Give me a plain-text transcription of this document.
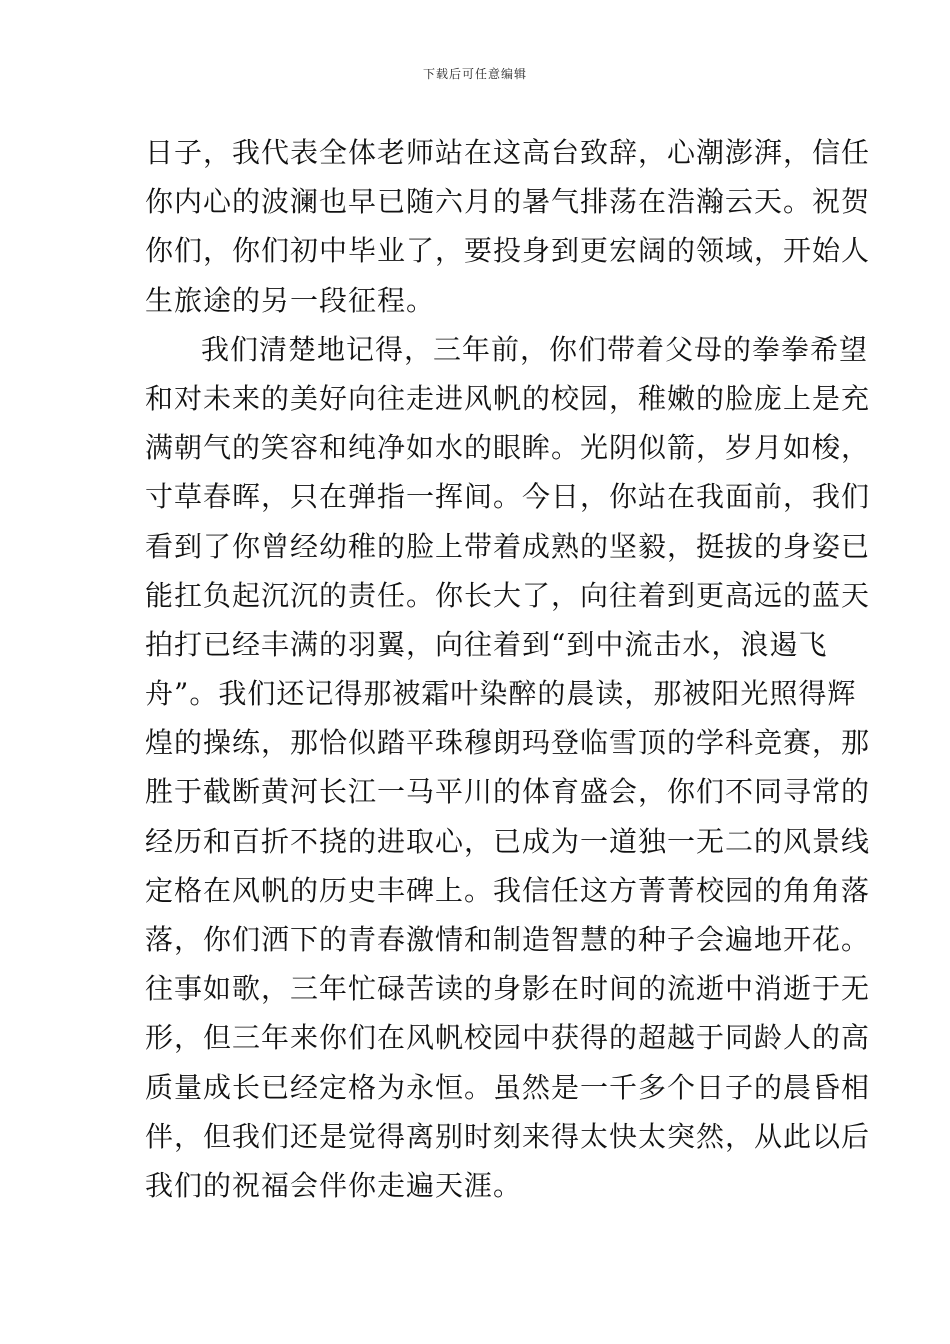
下载后可任意编辑
日子，我代表全体老师站在这高台致辞，心潮澎湃，信任
你内心的波澜也早已随六月的暑气排荡在浩瀚云天。祝贺
你们，你们初中毕业了，要投身到更宏阔的领域，开始人
生旅途的另一段征程。
我们清楚地记得，三年前，你们带着父母的拳拳希望
和对未来的美好向往走进风帆的校园，稚嫩的脸庞上是充
满朝气的笑容和纯净如水的眼眸。光阴似箭，岁月如梭，
寸草春晖，只在弹指一挥间。今日，你站在我面前，我们
看到了你曾经幼稚的脸上带着成熟的坚毅，挺拔的身姿已
能扛负起沉沉的责任。你长大了，向往着到更高远的蓝天
拍打已经丰满的羽翼，向往着到“到中流击水，浪遏飞
舟”。我们还记得那被霜叶染醉的晨读，那被阳光照得辉
煌的操练，那恰似踏平珠穆朗玛登临雪顶的学科竞赛，那
胜于截断黄河长江一马平川的体育盛会，你们不同寻常的
经历和百折不挠的进取心，已成为一道独一无二的风景线
定格在风帆的历史丰碑上。我信任这方菁菁校园的角角落
落，你们洒下的青春激情和制造智慧的种子会遍地开花。
往事如歌，三年忙碌苦读的身影在时间的流逝中消逝于无
形，但三年来你们在风帆校园中获得的超越于同龄人的高
质量成长已经定格为永恒。虽然是一千多个日子的晨昏相
伴，但我们还是觉得离别时刻来得太快太突然，从此以后
我们的祝福会伴你走遍天涯。
